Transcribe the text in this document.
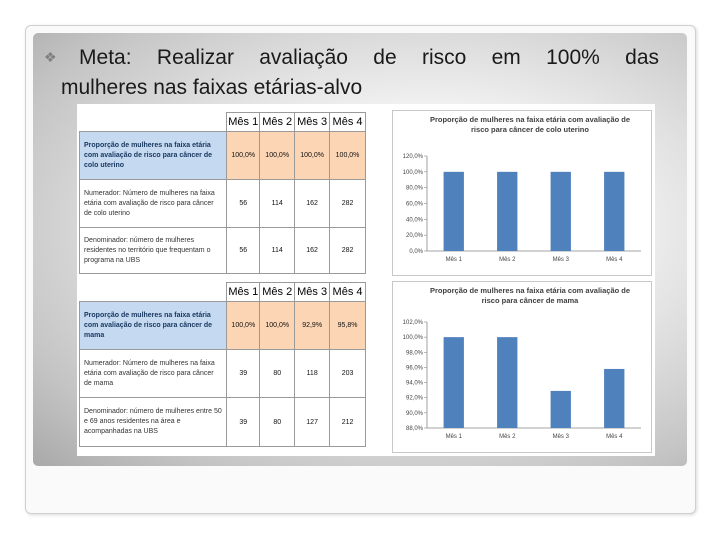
❖ Meta: Realizar avaliação de risco em 100% das
mulheres nas faixas etárias-alvo
	Mês 1	Mês 2	Mês 3	Mês 4
Proporção de mulheres na faixa etária com avaliação de risco para câncer de colo uterino	100,0%	100,0%	100,0%	100,0%
Numerador: Número de mulheres na faixa etária com avaliação de risco para câncer de colo uterino	56	114	162	282
Denominador: número de mulheres residentes no território que frequentam o programa na UBS	56	114	162	282
	Mês 1	Mês 2	Mês 3	Mês 4
Proporção de mulheres na faixa etária com avaliação de risco para câncer de mama	100,0%	100,0%	92,9%	95,8%
Numerador: Número de mulheres na faixa etária com avaliação de risco para câncer de mama	39	80	118	203
Denominador: número de mulheres entre 50 e 69 anos residentes na área e acompanhadas na UBS	39	80	127	212
Proporção de mulheres na faixa etária com avaliação de
risco para câncer de colo uterino
0,0%
20,0%
40,0%
60,0%
80,0%
100,0%
120,0%
Mês 1	Mês 2	Mês 3	Mês 4
Proporção de mulheres na faixa etária com avaliação de
risco para câncer de mama
88,0%
90,0%
92,0%
94,0%
96,0%
98,0%
100,0%
102,0%
Mês 1	Mês 2	Mês 3	Mês 4
